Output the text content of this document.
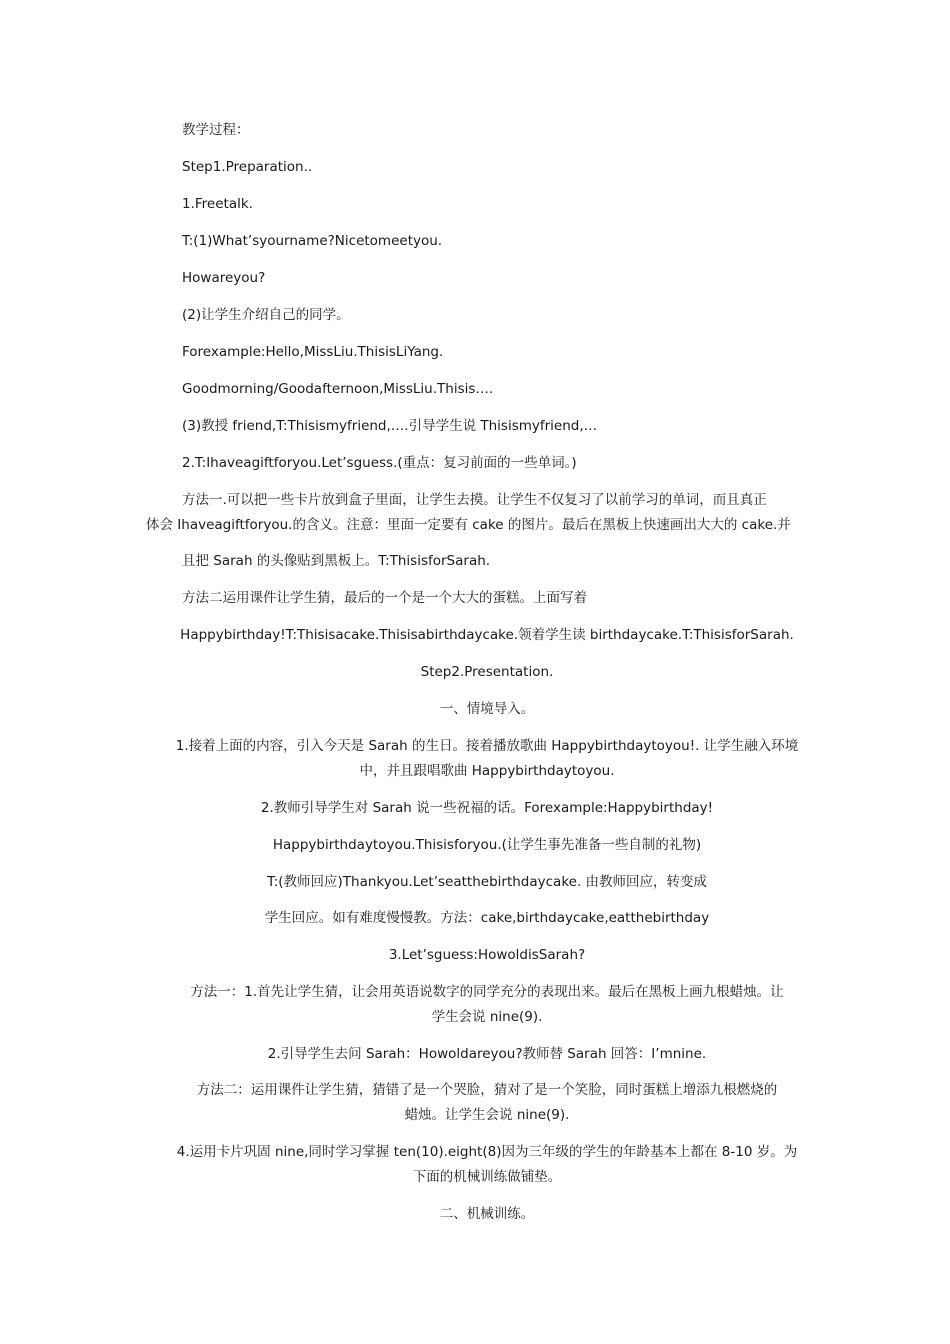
教学过程：
Step1.Preparation..
1.Freetalk.
T:(1)What’syourname?Nicetomeetyou.
Howareyou?
(2)让学生介绍自己的同学。
Forexample:Hello,MissLiu.ThisisLiYang.
Goodmorning/Goodafternoon,MissLiu.Thisis….
(3)教授 friend,T:Thisismyfriend,….引导学生说 Thisismyfriend,…
2.T:Ihaveagiftforyou.Let’sguess.(重点：复习前面的一些单词。)
方法一.可以把一些卡片放到盒子里面，让学生去摸。让学生不仅复习了以前学习的单词，而且真正
体会 Ihaveagiftforyou.的含义。注意：里面一定要有 cake 的图片。最后在黑板上快速画出大大的 cake.并
且把 Sarah 的头像贴到黑板上。T:ThisisforSarah.
方法二运用课件让学生猜，最后的一个是一个大大的蛋糕。上面写着
Happybirthday!T:Thisisacake.Thisisabirthdaycake.领着学生读 birthdaycake.T:ThisisforSarah.
Step2.Presentation.
一、情境导入。
1.接着上面的内容，引入今天是 Sarah 的生日。接着播放歌曲 Happybirthdaytoyou!. 让学生融入环境
中，并且跟唱歌曲 Happybirthdaytoyou.
2.教师引导学生对 Sarah 说一些祝福的话。Forexample:Happybirthday!
Happybirthdaytoyou.Thisisforyou.(让学生事先准备一些自制的礼物)
T:(教师回应)Thankyou.Let’seatthebirthdaycake. 由教师回应，转变成
学生回应。如有难度慢慢教。方法：cake,birthdaycake,eatthebirthday
3.Let’sguess:HowoldisSarah?
方法一：1.首先让学生猜，让会用英语说数字的同学充分的表现出来。最后在黑板上画九根蜡烛。让
学生会说 nine(9).
2.引导学生去问 Sarah：Howoldareyou?教师替 Sarah 回答：I’mnine.
方法二：运用课件让学生猜，猜错了是一个哭脸，猜对了是一个笑脸，同时蛋糕上增添九根燃烧的
蜡烛。让学生会说 nine(9).
4.运用卡片巩固 nine,同时学习掌握 ten(10).eight(8)因为三年级的学生的年龄基本上都在 8-10 岁。为
下面的机械训练做铺垫。
二、机械训练。
